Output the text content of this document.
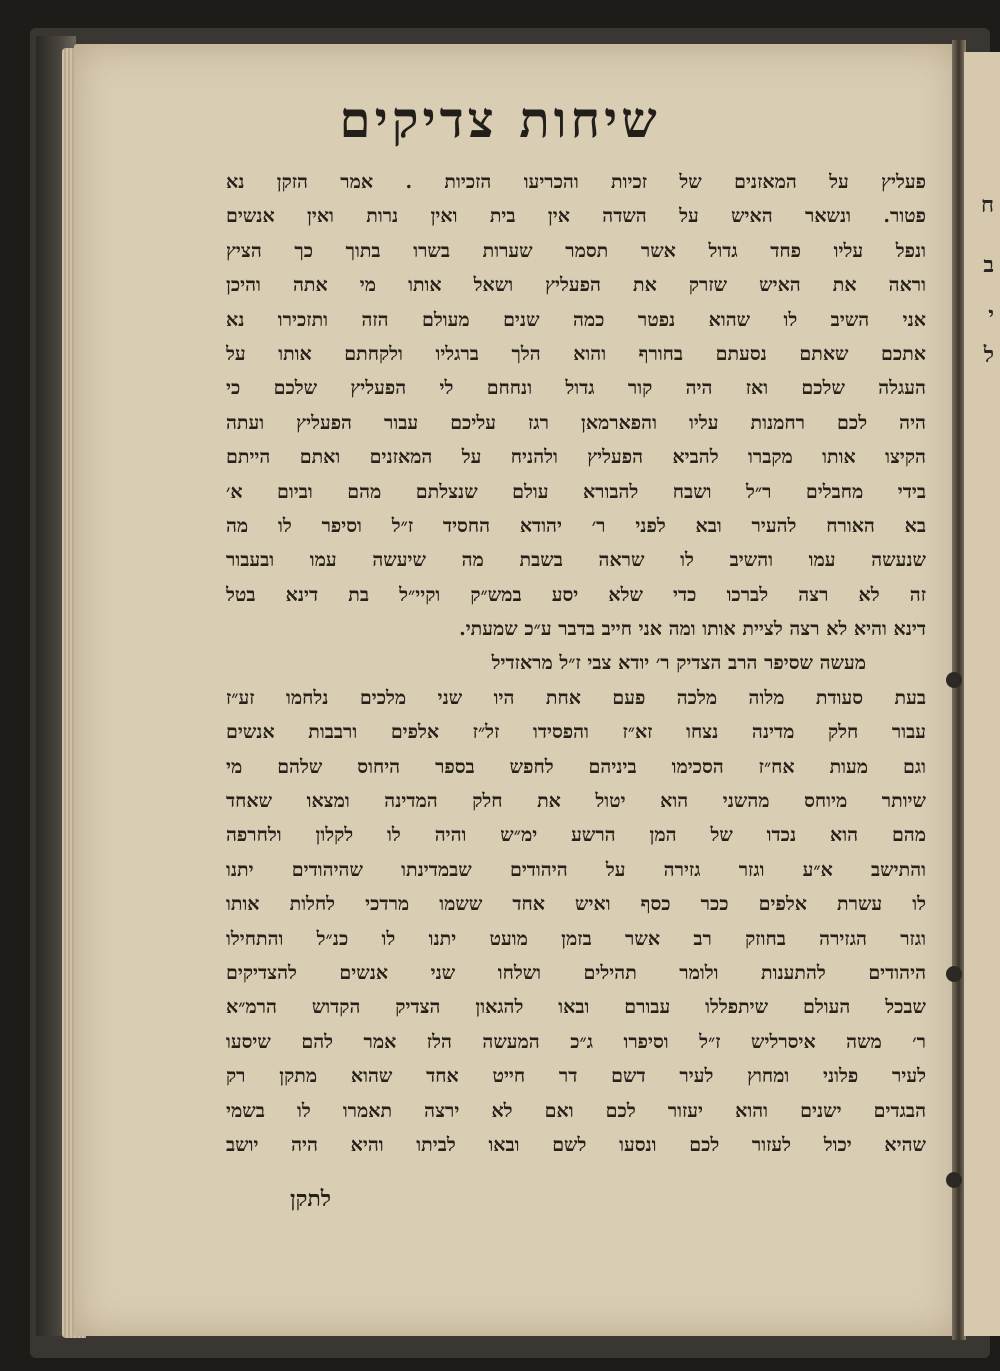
ח
ב
י
ל
שיחות צדיקים
פעליץ על המאזנים של זכיות והכריעו הזכיות . אמר הזקן נא
פטור. ונשאר האיש על השדה אין בית ואין נרות ואין אנשים
ונפל עליו פחד גדול אשר תסמר שערות בשרו בתוך כך הציץ
וראה את האיש שזרק את הפעליץ ושאל אותו מי אתה והיכן
אני השיב לו שהוא נפטר כמה שנים מעולם הזה ותזכירו נא
אתכם שאתם נסעתם בחורף והוא הלך ברגליו ולקחתם אותו על
העגלה שלכם ואז היה קור גדול ונחחם לי הפעליץ שלכם כי
היה לכם רחמנות עליו והפארמאן רגז עליכם עבור הפעליץ ועתה
הקיצו אותו מקברו להביא הפעליץ ולהניח על המאזנים ואתם הייתם
בידי מחבלים ר״ל ושבח להבורא עולם שנצלתם מהם וביום א׳
בא האורח להעיר ובא לפני ר׳ יהודא החסיד ז״ל וסיפר לו מה
שנעשה עמו והשיב לו שראה בשבת מה שיעשה עמו ובעבור
זה לא רצה לברכו כדי שלא יסע במש״ק וקיי״ל בת דינא בטל
דינא והיא לא רצה לציית אותו ומה אני חייב בדבר ע״כ שמעתי.
מעשה שסיפר הרב הצדיק ר׳ יודא צבי ז״ל מראזדיל
בעת סעודת מלוה מלכה פעם אחת היו שני מלכים נלחמו זע״ז
עבור חלק מדינה נצחו זא״ז והפסידו זל״ז אלפים ורבבות אנשים
וגם מעות אח״ז הסכימו ביניהם לחפש בספר היחוס שלהם מי
שיותר מיוחס מהשני הוא יטול את חלק המדינה ומצאו שאחד
מהם הוא נכדו של המן הרשע ימ״ש והיה לו לקלון ולחרפה
והתישב א״ע וגזר גזירה על היהודים שבמדינתו שהיהודים יתנו
לו עשרת אלפים ככר כסף ואיש אחד ששמו מרדכי לחלות אותו
וגזר הגזירה בחוזק רב אשר בזמן מועט יתנו לו כנ״ל והתחילו
היהודים להתענות ולומר תהילים ושלחו שני אנשים להצדיקים
שבכל העולם שיתפללו עבורם ובאו להגאון הצדיק הקדוש הרמ״א
ר׳ משה איסרליש ז״ל וסיפרו ג״כ המעשה הלז אמר להם שיסעו
לעיר פלוני ומחוץ לעיר דשם דר חייט אחד שהוא מתקן רק
הבגדים ישנים והוא יעזור לכם ואם לא ירצה תאמרו לו בשמי
שהיא יכול לעזור לכם ונסעו לשם ובאו לביתו והיא היה יושב
לתקן
